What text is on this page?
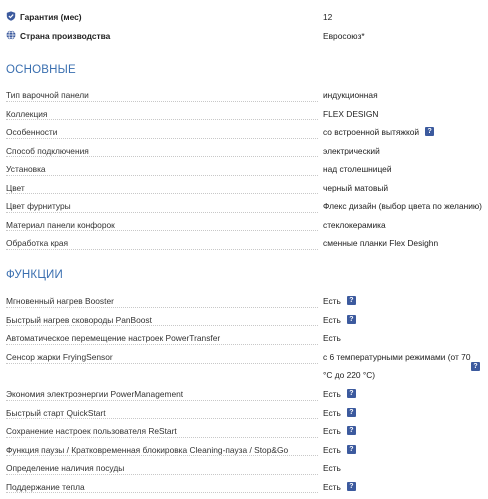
Гарантия (мес)	12
Страна производства	Евросоюз*
ОСНОВНЫЕ
Тип варочной панели	индукционная
Коллекция	FLEX DESIGN
Особенности	со встроенной вытяжкой ?
Способ подключения	электрический
Установка	над столешницей
Цвет	черный матовый
Цвет фурнитуры	Флекс дизайн (выбор цвета по желанию)
Материал панели конфорок	стеклокерамика
Обработка края	сменные планки Flex Desighn
ФУНКЦИИ
Мгновенный нагрев Booster	Есть ?
Быстрый нагрев сковороды PanBoost	Есть ?
Автоматическое перемещение настроек PowerTransfer	Есть
Сенсор жарки FryingSensor	с 6 температурными режимами (от 70
°С до 220 °С)
?
Экономия электроэнергии PowerManagement	Есть ?
Быстрый старт QuickStart	Есть ?
Сохранение настроек пользователя ReStart	Есть ?
Функция паузы / Кратковременная блокировка Cleaning-пауза / Stop&Go	Есть ?
Определение наличия посуды	Есть
Поддержание тепла	Есть ?
